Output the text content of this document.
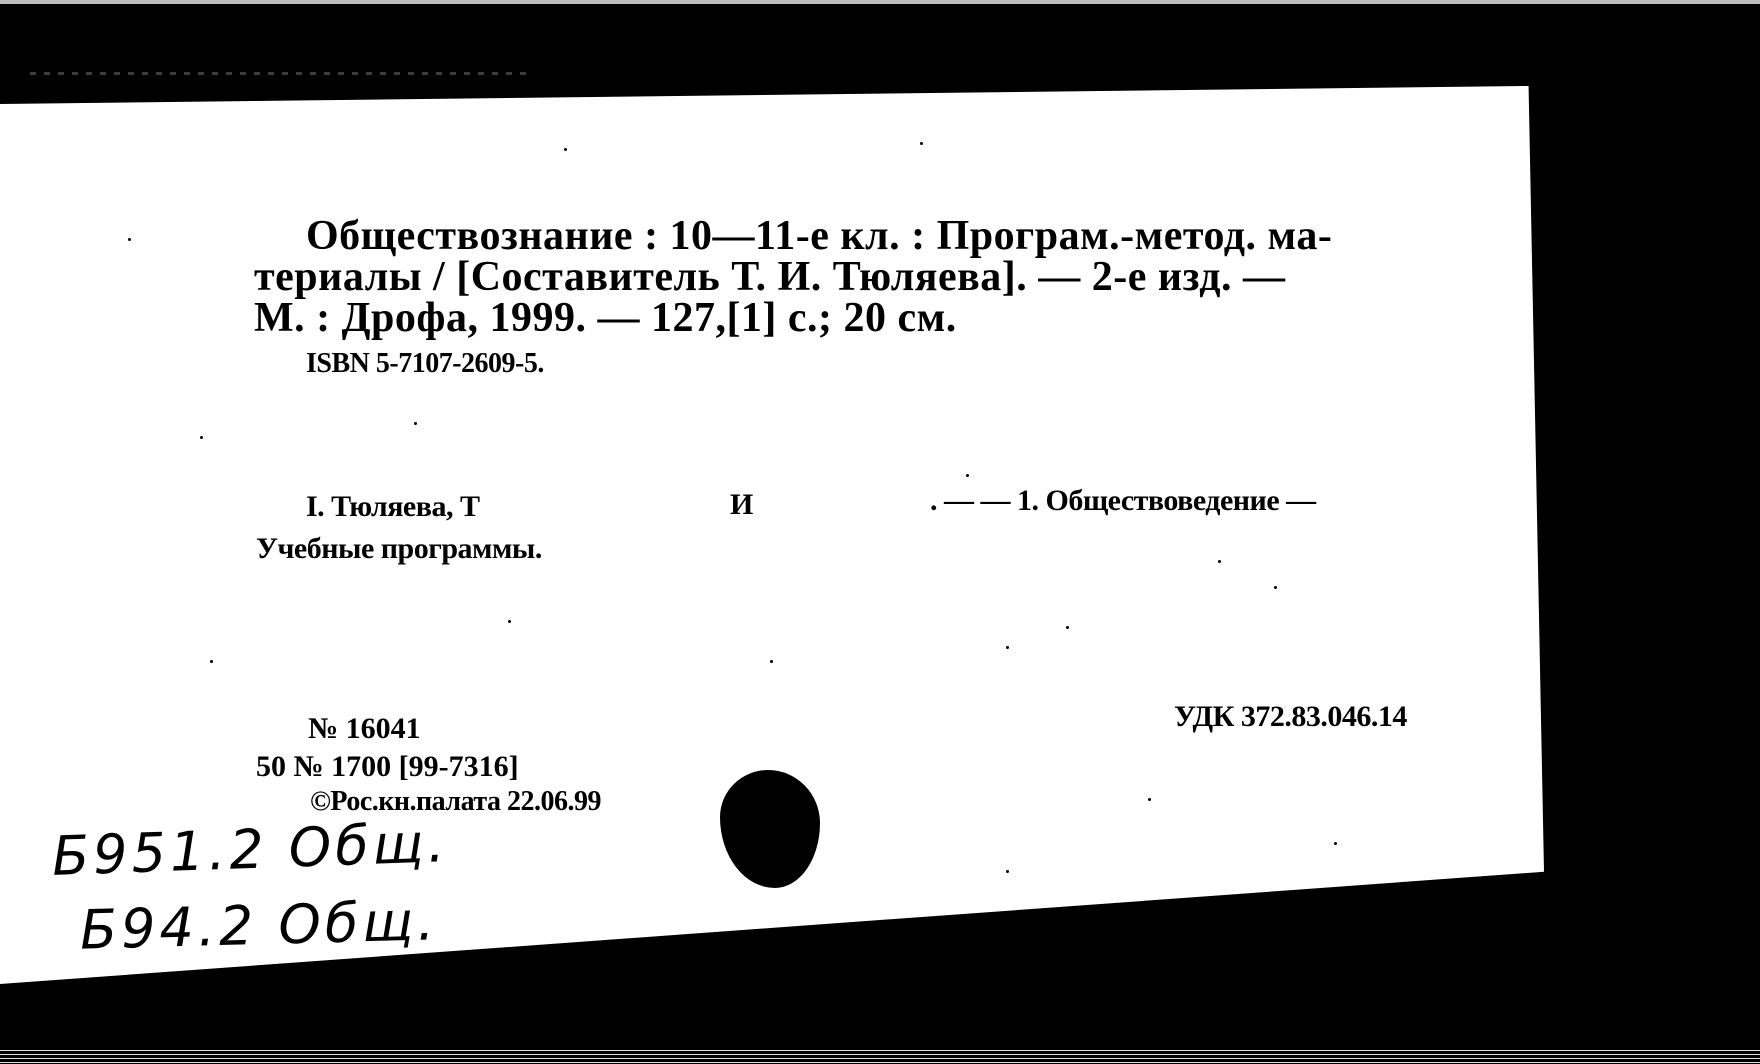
Обществознание : 10—11-е кл. : Програм.-метод. ма-

териалы / [Составитель Т. И. Тюляева]. — 2-е изд. —

М. : Дрофа, 1999. — 127,[1] с.; 20 см.

ISBN 5-7107-2609-5.

I. Тюляева, Т	И	. — — 1. Обществоведение —

Учебные программы.

УДК 372.83.046.14

№ 16041

50 № 1700 [99-7316]

©Рос.кн.палата 22.06.99

Б951.2 Общ.
Б94.2 Общ.
